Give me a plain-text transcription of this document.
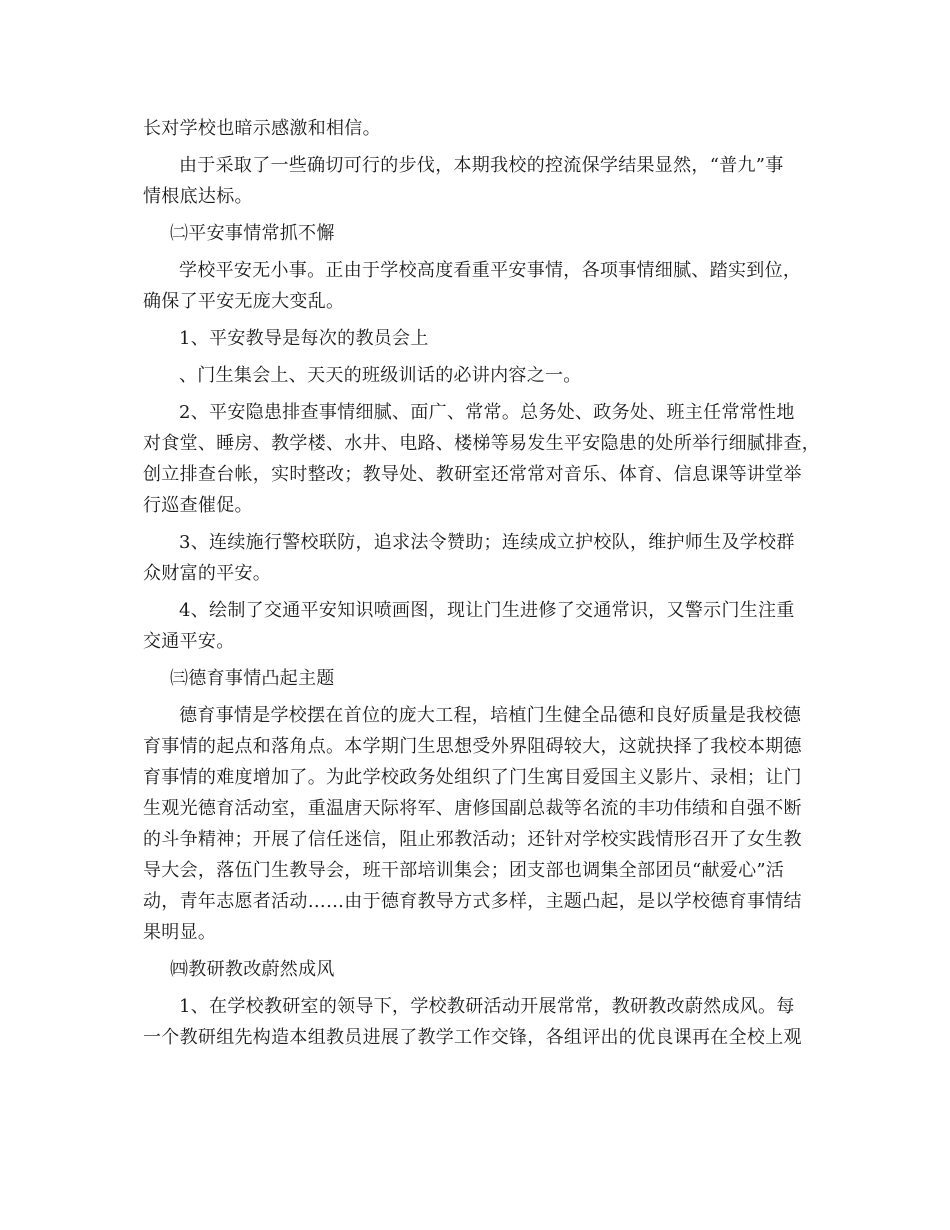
长对学校也暗示感激和相信。
由于采取了一些确切可行的步伐，本期我校的控流保学结果显然，“普九”事
情根底达标。
㈡平安事情常抓不懈
学校平安无小事。正由于学校高度看重平安事情，各项事情细腻、踏实到位，
确保了平安无庞大变乱。
1、平安教导是每次的教员会上
、门生集会上、天天的班级训话的必讲内容之一。
2、平安隐患排查事情细腻、面广、常常。总务处、政务处、班主任常常性地
对食堂、睡房、教学楼、水井、电路、楼梯等易发生平安隐患的处所举行细腻排查，
创立排查台帐，实时整改；教导处、教研室还常常对音乐、体育、信息课等讲堂举
行巡查催促。
3、连续施行警校联防，追求法令赞助；连续成立护校队，维护师生及学校群
众财富的平安。
4、绘制了交通平安知识喷画图，现让门生进修了交通常识，又警示门生注重
交通平安。
㈢德育事情凸起主题
德育事情是学校摆在首位的庞大工程，培植门生健全品德和良好质量是我校德
育事情的起点和落角点。本学期门生思想受外界阻碍较大，这就抉择了我校本期德
育事情的难度增加了。为此学校政务处组织了门生寓目爱国主义影片、录相；让门
生观光德育活动室，重温唐天际将军、唐修国副总裁等名流的丰功伟绩和自强不断
的斗争精神；开展了信任迷信，阻止邪教活动；还针对学校实践情形召开了女生教
导大会，落伍门生教导会，班干部培训集会；团支部也调集全部团员“献爱心”活
动，青年志愿者活动……由于德育教导方式多样，主题凸起，是以学校德育事情结
果明显。
㈣教研教改蔚然成风
1、在学校教研室的领导下，学校教研活动开展常常，教研教改蔚然成风。每
一个教研组先构造本组教员进展了教学工作交锋，各组评出的优良课再在全校上观
